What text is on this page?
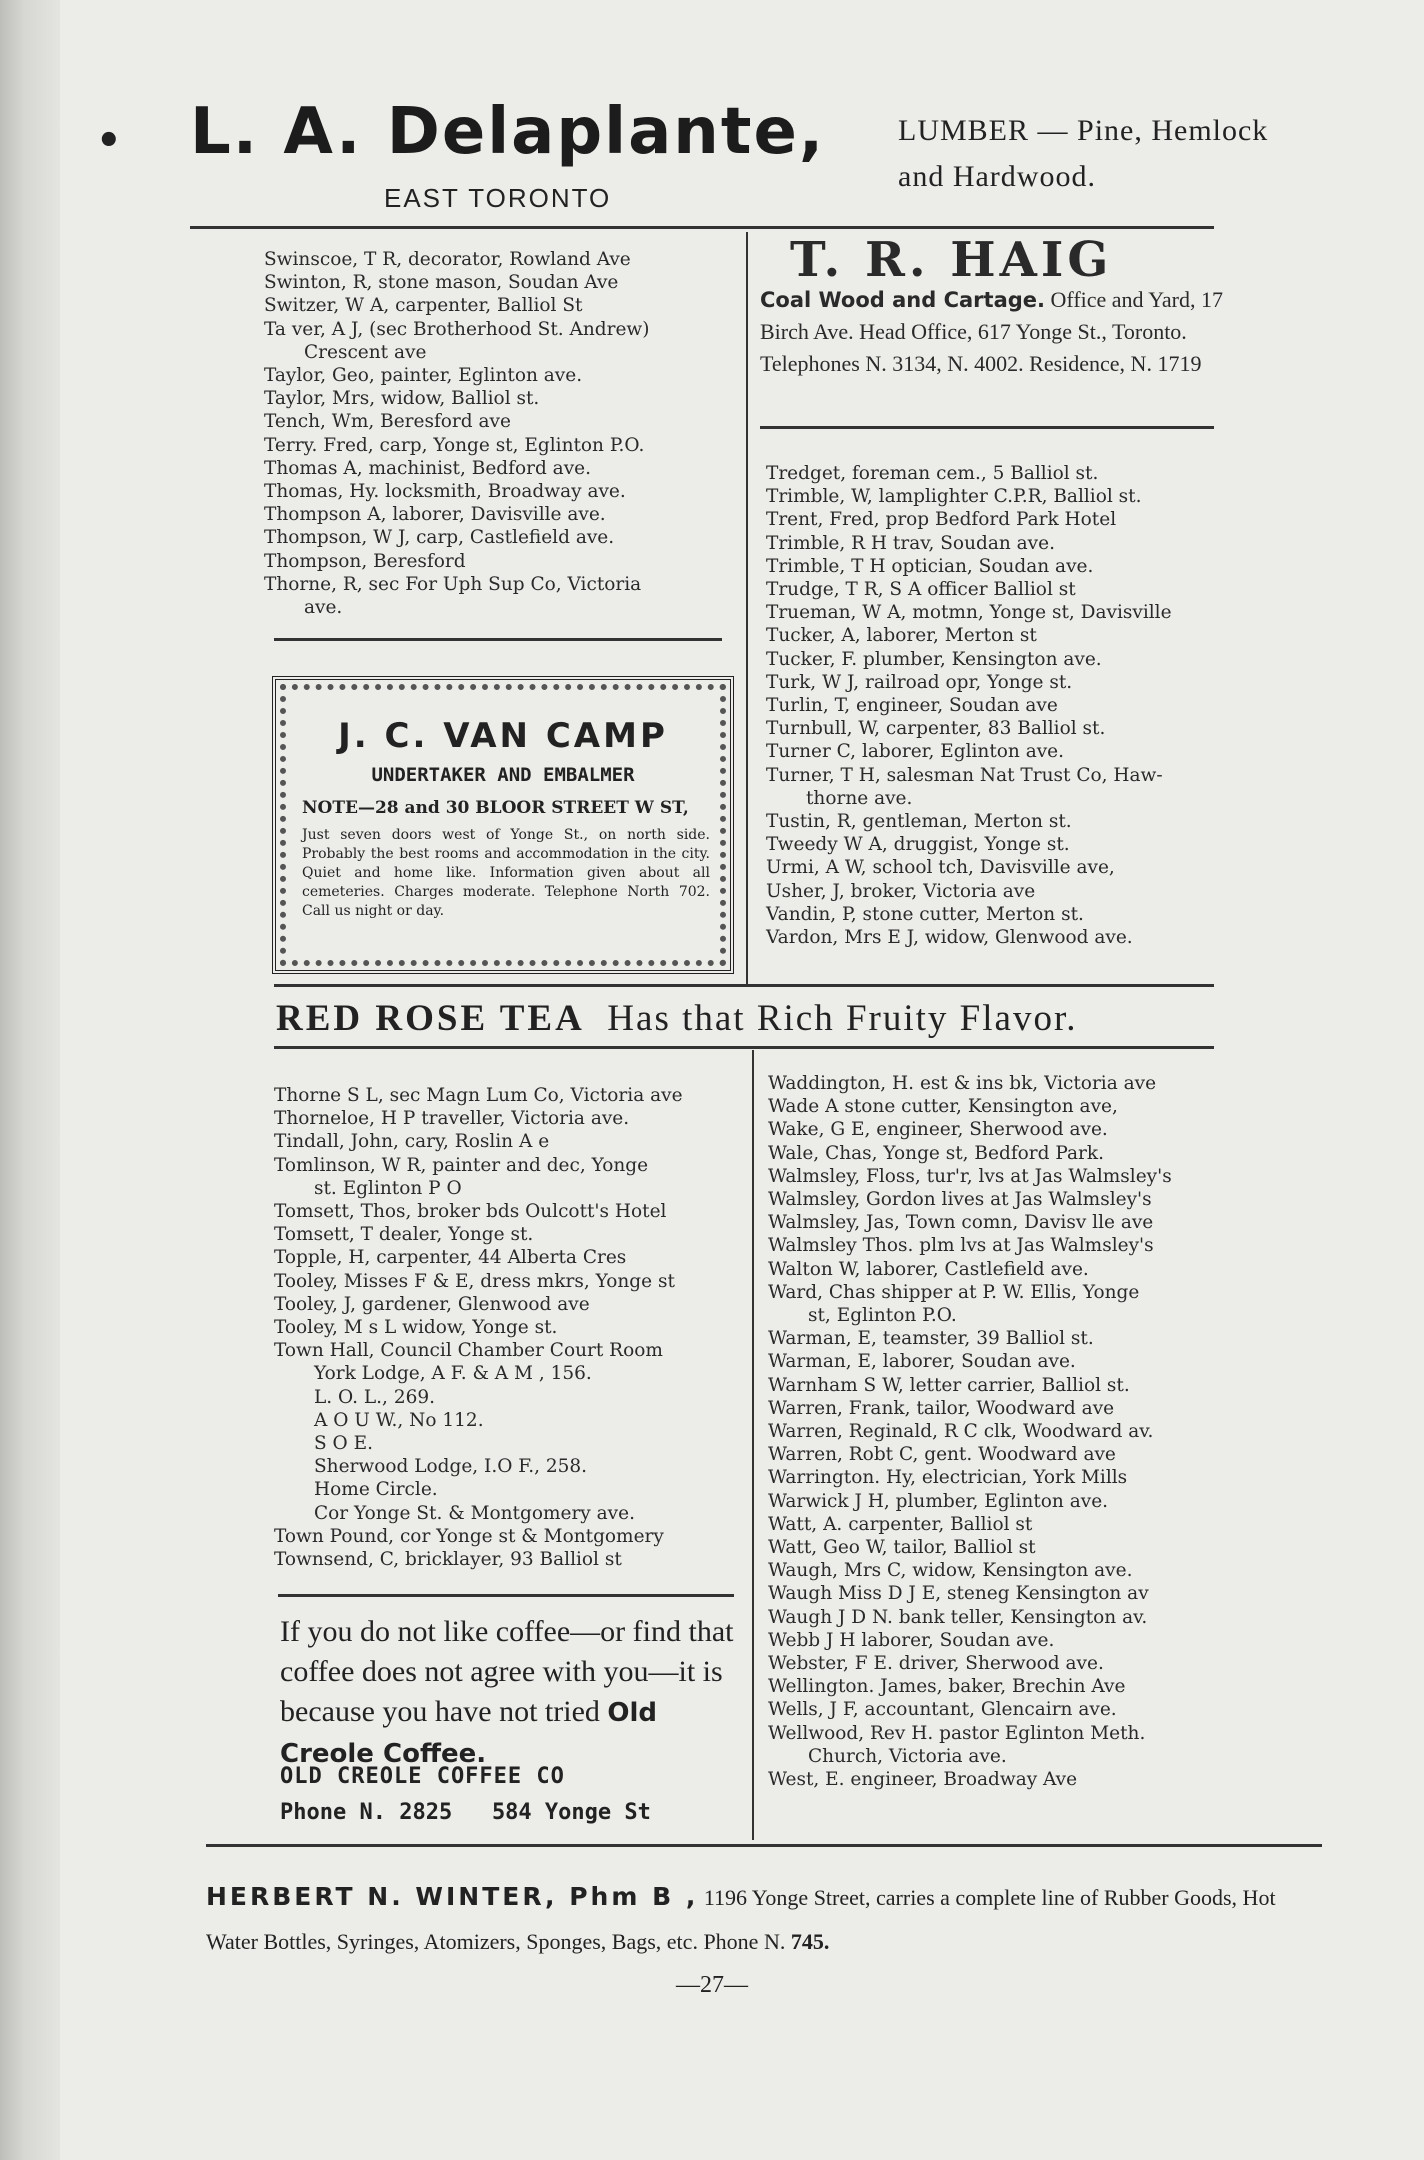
• L. A. Delaplante,
EAST TORONTO
LUMBER — Pine, Hemlock and Hardwood.
Swinscoe, T R, decorator, Rowland Ave
Swinton, R, stone mason, Soudan Ave
Switzer, W A, carpenter, Balliol St
Ta ver, A J, (sec Brotherhood St. Andrew)
Crescent ave
Taylor, Geo, painter, Eglinton ave.
Taylor, Mrs, widow, Balliol st.
Tench, Wm, Beresford ave
Terry. Fred, carp, Yonge st, Eglinton P.O.
Thomas A, machinist, Bedford ave.
Thomas, Hy. locksmith, Broadway ave.
Thompson A, laborer, Davisville ave.
Thompson, W J, carp, Castlefield ave.
Thompson, Beresford
Thorne, R, sec For Uph Sup Co, Victoria
ave.
T. R. HAIG
Coal Wood and Cartage. Office and Yard, 17 Birch Ave. Head Office, 617 Yonge St., Toronto. Telephones N. 3134, N. 4002. Residence, N. 1719
Tredget, foreman cem., 5 Balliol st.
Trimble, W, lamplighter C.P.R, Balliol st.
Trent, Fred, prop Bedford Park Hotel
Trimble, R H trav, Soudan ave.
Trimble, T H optician, Soudan ave.
Trudge, T R, S A officer Balliol st
Trueman, W A, motmn, Yonge st, Davisville
Tucker, A, laborer, Merton st
Tucker, F. plumber, Kensington ave.
Turk, W J, railroad opr, Yonge st.
Turlin, T, engineer, Soudan ave
Turnbull, W, carpenter, 83 Balliol st.
Turner C, laborer, Eglinton ave.
Turner, T H, salesman Nat Trust Co, Haw-
thorne ave.
Tustin, R, gentleman, Merton st.
Tweedy W A, druggist, Yonge st.
Urmi, A W, school tch, Davisville ave,
Usher, J, broker, Victoria ave
Vandin, P, stone cutter, Merton st.
Vardon, Mrs E J, widow, Glenwood ave.
J. C. VAN CAMP
UNDERTAKER AND EMBALMER
NOTE—28 and 30 BLOOR STREET W ST,
Just seven doors west of Yonge St., on north side. Probably the best rooms and accommodation in the city. Quiet and home like. Information given about all cemeteries. Charges moderate. Telephone North 702. Call us night or day.
RED ROSE TEA Has that Rich Fruity Flavor.
Thorne S L, sec Magn Lum Co, Victoria ave
Thorneloe, H P traveller, Victoria ave.
Tindall, John, cary, Roslin A e
Tomlinson, W R, painter and dec, Yonge
st. Eglinton P O
Tomsett, Thos, broker bds Oulcott's Hotel
Tomsett, T dealer, Yonge st.
Topple, H, carpenter, 44 Alberta Cres
Tooley, Misses F & E, dress mkrs, Yonge st
Tooley, J, gardener, Glenwood ave
Tooley, M s L widow, Yonge st.
Town Hall, Council Chamber Court Room
York Lodge, A F. & A M , 156.
L. O. L., 269.
A O U W., No 112.
S O E.
Sherwood Lodge, I.O F., 258.
Home Circle.
Cor Yonge St. & Montgomery ave.
Town Pound, cor Yonge st & Montgomery
Townsend, C, bricklayer, 93 Balliol st
If you do not like coffee—or find that coffee does not agree with you—it is because you have not tried Old Creole Coffee.
OLD CREOLE COFFEE CO
Phone N. 2825 584 Yonge St
Waddington, H. est & ins bk, Victoria ave
Wade A stone cutter, Kensington ave,
Wake, G E, engineer, Sherwood ave.
Wale, Chas, Yonge st, Bedford Park.
Walmsley, Floss, tur'r, lvs at Jas Walmsley's
Walmsley, Gordon lives at Jas Walmsley's
Walmsley, Jas, Town comn, Davisv lle ave
Walmsley Thos. plm lvs at Jas Walmsley's
Walton W, laborer, Castlefield ave.
Ward, Chas shipper at P. W. Ellis, Yonge
st, Eglinton P.O.
Warman, E, teamster, 39 Balliol st.
Warman, E, laborer, Soudan ave.
Warnham S W, letter carrier, Balliol st.
Warren, Frank, tailor, Woodward ave
Warren, Reginald, R C clk, Woodward av.
Warren, Robt C, gent. Woodward ave
Warrington. Hy, electrician, York Mills
Warwick J H, plumber, Eglinton ave.
Watt, A. carpenter, Balliol st
Watt, Geo W, tailor, Balliol st
Waugh, Mrs C, widow, Kensington ave.
Waugh Miss D J E, steneg Kensington av
Waugh J D N. bank teller, Kensington av.
Webb J H laborer, Soudan ave.
Webster, F E. driver, Sherwood ave.
Wellington. James, baker, Brechin Ave
Wells, J F, accountant, Glencairn ave.
Wellwood, Rev H. pastor Eglinton Meth.
Church, Victoria ave.
West, E. engineer, Broadway Ave
HERBERT N. WINTER, Phm B , 1196 Yonge Street, carries a complete line of Rubber Goods, Hot Water Bottles, Syringes, Atomizers, Sponges, Bags, etc. Phone N. 745.
—27—
